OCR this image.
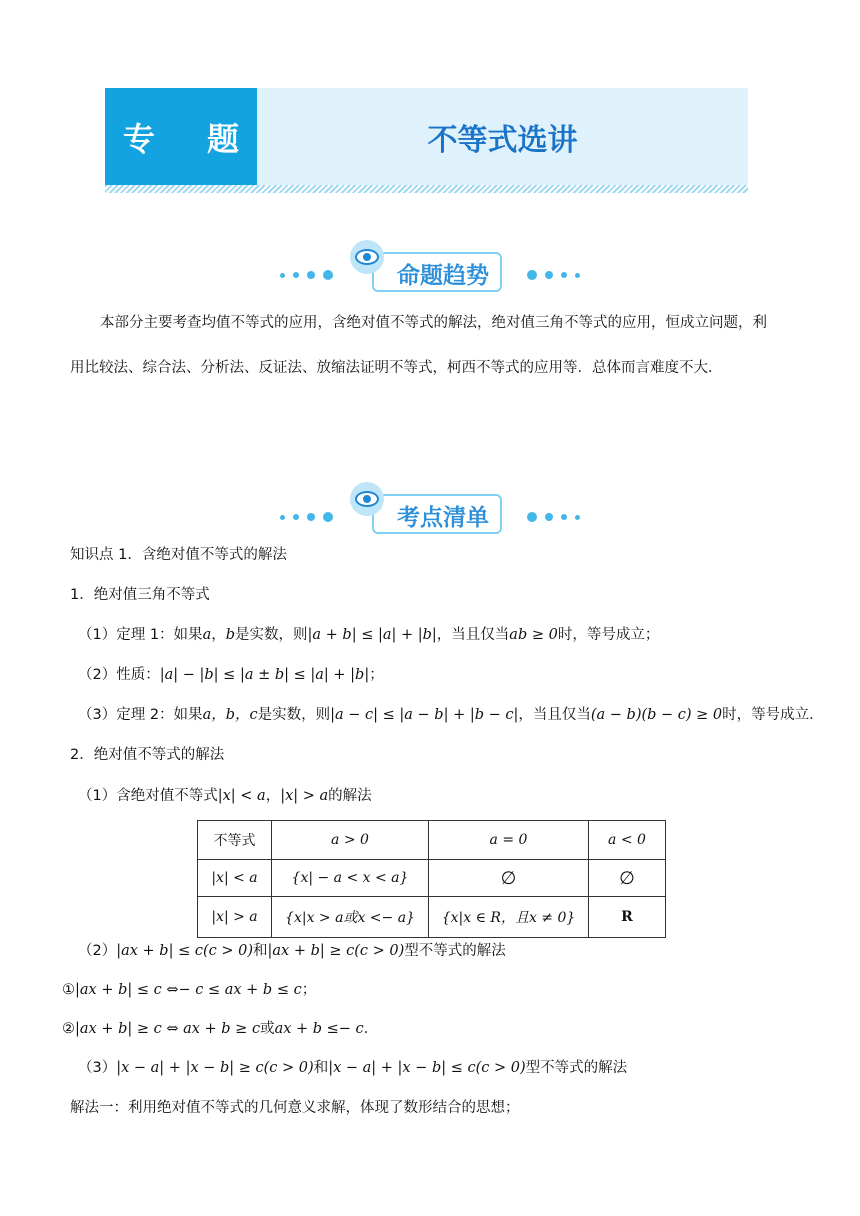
专 题	不等式选讲
命题趋势
本部分主要考查均值不等式的应用，含绝对值不等式的解法，绝对值三角不等式的应用，恒成立问题，利
用比较法、综合法、分析法、反证法、放缩法证明不等式，柯西不等式的应用等．总体而言难度不大．
考点清单
知识点 1．含绝对值不等式的解法
1．绝对值三角不等式
（1）定理 1：如果a，b是实数，则|a + b| ≤ |a| + |b|，当且仅当ab ≥ 0时，等号成立；
（2）性质：|a| − |b| ≤ |a ± b| ≤ |a| + |b|；
（3）定理 2：如果a，b，c是实数，则|a − c| ≤ |a − b| + |b − c|，当且仅当(a − b)(b − c) ≥ 0时，等号成立．
2．绝对值不等式的解法
（1）含绝对值不等式|x| < a，|x| > a的解法
不等式	a > 0	a = 0	a < 0
|x| < a	{x| − a < x < a}	∅	∅
|x| > a	{x|x > a或x <− a}	{x|x ∈ R，且x ≠ 0}	R
（2）|ax + b| ≤ c(c > 0)和|ax + b| ≥ c(c > 0)型不等式的解法
①|ax + b| ≤ c ⇔− c ≤ ax + b ≤ c；
②|ax + b| ≥ c ⇔ ax + b ≥ c或ax + b ≤− c．
（3）|x − a| + |x − b| ≥ c(c > 0)和|x − a| + |x − b| ≤ c(c > 0)型不等式的解法
解法一：利用绝对值不等式的几何意义求解，体现了数形结合的思想；
